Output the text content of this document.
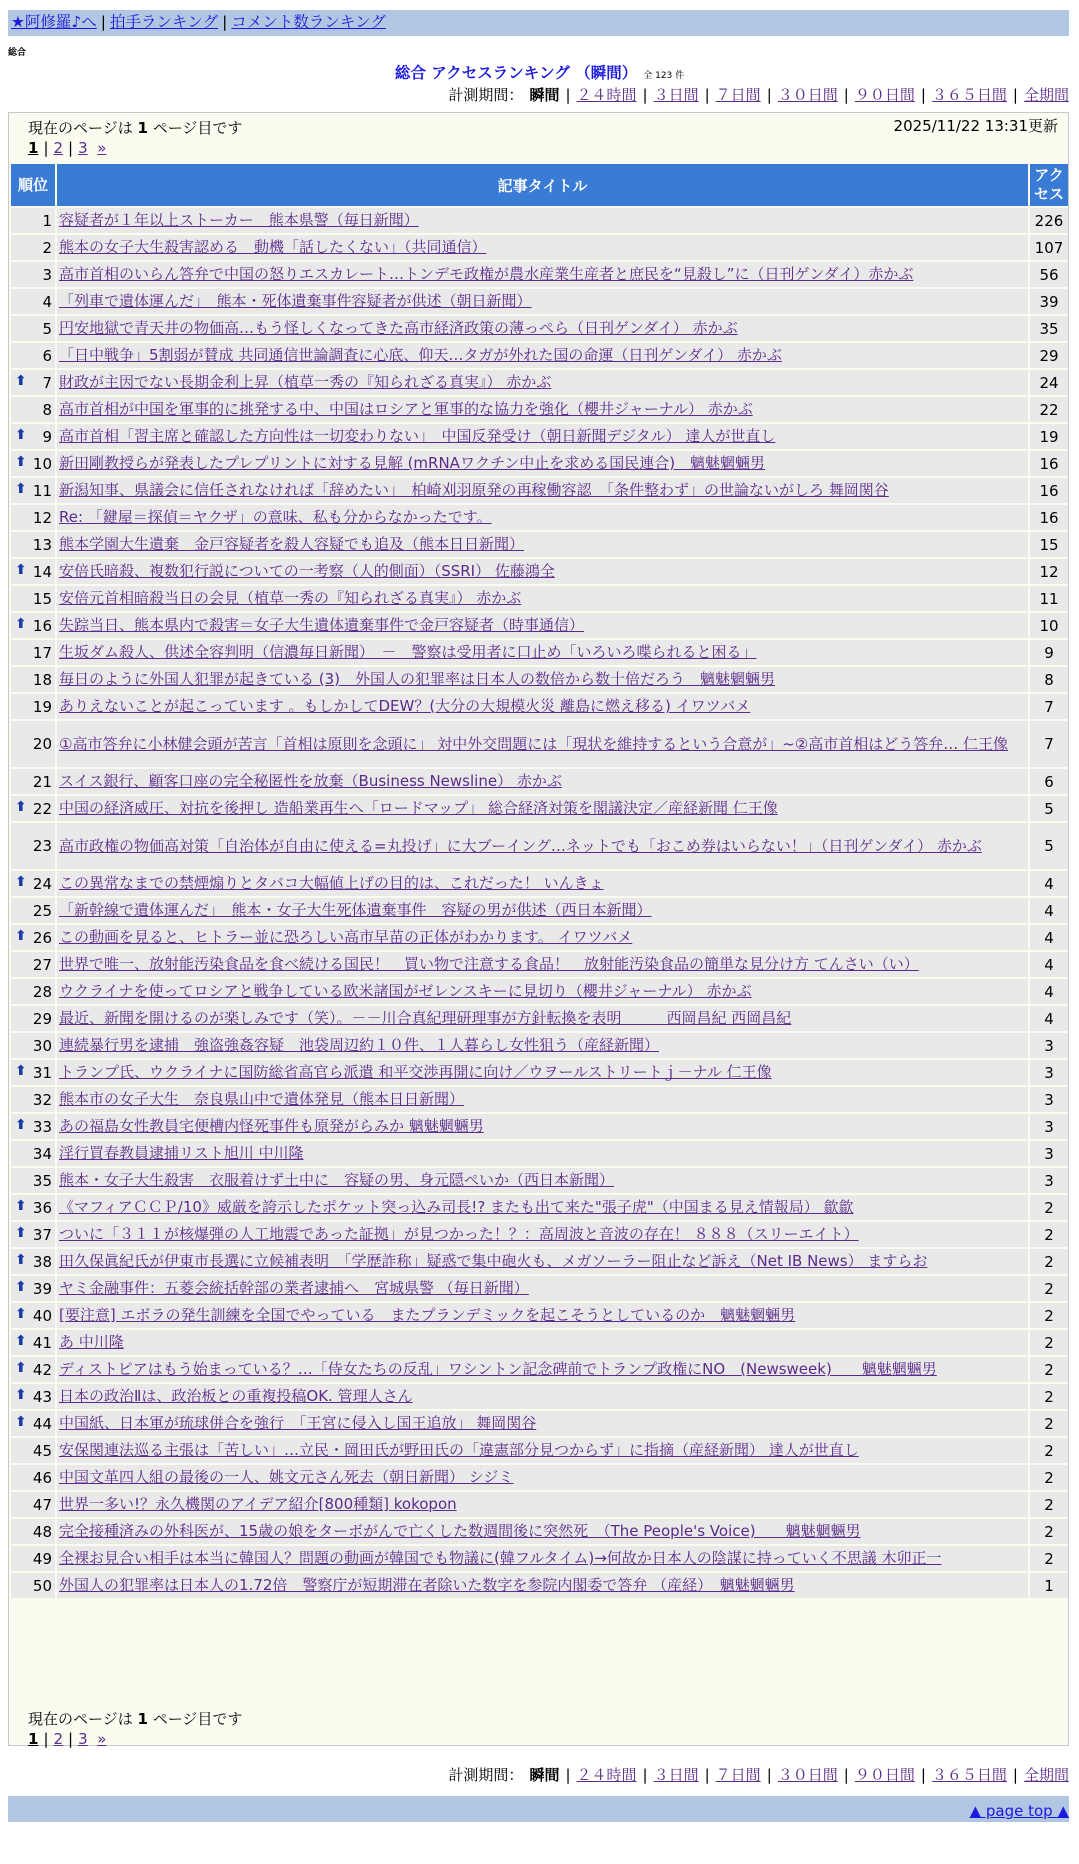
★阿修羅♪へ | 拍手ランキング | コメント数ランキング
総合
総合 アクセスランキング （瞬間） 全 123 件
計測期間： 瞬間 | ２４時間 | ３日間 | ７日間 | ３０日間 | ９０日間 | ３６５日間 | 全期間
現在のページは 1 ページ目です	2025/11/22 13:31更新
1 | 2 | 3 »
順位	記事タイトル	アクセス
1	容疑者が１年以上ストーカー　熊本県警（毎日新聞）	226
2	熊本の女子大生殺害認める　動機「話したくない」（共同通信）	107
3	高市首相のいらん答弁で中国の怒りエスカレート…トンデモ政権が農水産業生産者と庶民を“見殺し”に（日刊ゲンダイ）赤かぶ	56
4	「列車で遺体運んだ」　熊本・死体遺棄事件容疑者が供述（朝日新聞）	39
5	円安地獄で青天井の物価高…もう怪しくなってきた高市経済政策の薄っぺら（日刊ゲンダイ） 赤かぶ	35
6	「日中戦争」5割弱が賛成 共同通信世論調査に心底、仰天…タガが外れた国の命運（日刊ゲンダイ） 赤かぶ	29

⬆ 7	財政が主因でない長期金利上昇（植草一秀の『知られざる真実』） 赤かぶ	24
8	高市首相が中国を軍事的に挑発する中、中国はロシアと軍事的な協力を強化（櫻井ジャーナル） 赤かぶ	22

⬆ 9	高市首相「習主席と確認した方向性は一切変わりない」　中国反発受け（朝日新聞デジタル） 達人が世直し	19

⬆ 10	新田剛教授らが発表したプレプリントに対する見解 (mRNAワクチン中止を求める国民連合)　魑魅魍魎男	16

⬆ 11	新潟知事、県議会に信任されなければ「辞めたい」　柏崎刈羽原発の再稼働容認　「条件整わず」の世論ないがしろ 舞岡関谷	16
12	Re: 「鍵屋＝探偵＝ヤクザ」の意味、私も分からなかったです。	16
13	熊本学園大生遺棄　金戸容疑者を殺人容疑でも追及（熊本日日新聞）	15

⬆ 14	安倍氏暗殺、複数犯行説についての一考察（人的側面）（SSRI） 佐藤鴻全	12
15	安倍元首相暗殺当日の会見（植草一秀の『知られざる真実』） 赤かぶ	11

⬆ 16	失踪当日、熊本県内で殺害＝女子大生遺体遺棄事件で金戸容疑者（時事通信）	10
17	生坂ダム殺人、供述全容判明（信濃毎日新聞）　－　警察は受用者に口止め「いろいろ喋られると困る」	9
18	毎日のように外国人犯罪が起きている (3)　外国人の犯罪率は日本人の数倍から数十倍だろう　魑魅魍魎男	8
19	ありえないことが起こっています 。もしかしてDEW？(大分の大規模火災 離島に燃え移る) イワツバメ	7
20	①高市答弁に小林健会頭が苦言「首相は原則を念頭に」 対中外交問題には「現状を維持するという合意が」~②高市首相はどう答弁… 仁王像	7
21	スイス銀行、顧客口座の完全秘匿性を放棄（Business Newsline） 赤かぶ	6

⬆ 22	中国の経済威圧、対抗を後押し 造船業再生へ「ロードマップ」 総合経済対策を閣議決定／産経新聞 仁王像	5
23	高市政権の物価高対策「自治体が自由に使える=丸投げ」に大ブーイング…ネットでも「おこめ券はいらない！」（日刊ゲンダイ） 赤かぶ	5

⬆ 24	この異常なまでの禁煙煽りとタバコ大幅値上げの目的は、これだった！ いんきょ	4
25	「新幹線で遺体運んだ」　熊本・女子大生死体遺棄事件　容疑の男が供述（西日本新聞）	4

⬆ 26	この動画を見ると、ヒトラー並に恐ろしい高市早苗の正体がわかります。 イワツバメ	4
27	世界で唯一、放射能汚染食品を食べ続ける国民！　買い物で注意する食品！　放射能汚染食品の簡単な見分け方 てんさい（い）	4
28	ウクライナを使ってロシアと戦争している欧米諸国がゼレンスキーに見切り（櫻井ジャーナル） 赤かぶ	4
29	最近、新聞を開けるのが楽しみです（笑）。－－川合真紀理研理事が方針転換を表明　　　西岡昌紀 西岡昌紀	4
30	連続暴行男を逮捕　強盗強姦容疑　池袋周辺約１０件、１人暮らし女性狙う（産経新聞）	3

⬆ 31	トランプ氏、ウクライナに国防総省高官ら派遣 和平交渉再開に向け／ウヲールストリートｊ－ナル 仁王像	3
32	熊本市の女子大生　奈良県山中で遺体発見（熊本日日新聞）	3

⬆ 33	あの福島女性教員宅便槽内怪死事件も原発がらみか 魑魅魍魎男	3
34	淫行買春教員逮捕リスト旭川 中川隆	3
35	熊本・女子大生殺害　衣服着けず土中に　容疑の男、身元隠ぺいか（西日本新聞）	3

⬆ 36	《マフィアＣＣＰ/10》威厳を誇示したポケット突っ込み司長!? またも出て来た"張子虎"（中国まる見え情報局） 歙歙	2

⬆ 37	ついに「３１１が核爆弾の人工地震であった証拠」が見つかった！？：高周波と音波の存在！ ８８８（スリーエイト）	2

⬆ 38	田久保眞紀氏が伊東市長選に立候補表明　「学歴詐称」疑惑で集中砲火も、メガソーラー阻止など訴え（Net IB News） ますらお	2

⬆ 39	ヤミ金融事件：五菱会統括幹部の業者逮捕へ　宮城県警 （毎日新聞）	2

⬆ 40	[要注意] エボラの発生訓練を全国でやっている　またプランデミックを起こそうとしているのか　魑魅魍魎男	2

⬆ 41	あ 中川隆	2

⬆ 42	ディストピアはもう始まっている？…「侍女たちの反乱」ワシントン記念碑前でトランプ政権にNO　(Newsweek)　　魑魅魍魎男	2

⬆ 43	日本の政治Ⅱは、政治板との重複投稿OK. 管理人さん	2

⬆ 44	中国紙、日本軍が琉球併合を強行　「王宮に侵入し国王追放」 舞岡関谷	2
45	安保関連法巡る主張は「苦しい」…立民・岡田氏が野田氏の「違憲部分見つからず」に指摘（産経新聞） 達人が世直し	2
46	中国文革四人組の最後の一人、姚文元さん死去（朝日新聞） シジミ	2
47	世界一多い!？永久機関のアイデア紹介[800種類] kokopon	2
48	完全接種済みの外科医が、15歳の娘をターボがんで亡くした数週間後に突然死　（The People's Voice)　　魑魅魍魎男	2
49	全裸お見合い相手は本当に韓国人？問題の動画が韓国でも物議に(韓フルタイム)→何故か日本人の陰謀に持っていく不思議 木卯正一	2
50	外国人の犯罪率は日本人の1.72倍　警察庁が短期滞在者除いた数字を参院内閣委で答弁 （産経）　魑魅魍魎男	1
現在のページは 1 ページ目です
1 | 2 | 3 »
計測期間： 瞬間 | ２４時間 | ３日間 | ７日間 | ３０日間 | ９０日間 | ３６５日間 | 全期間
▲ page top ▲
